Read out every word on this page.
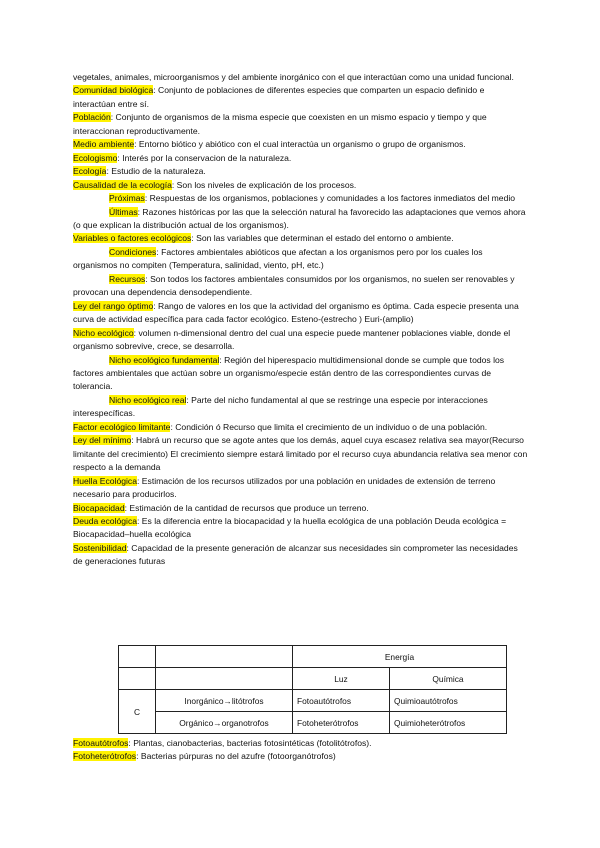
vegetales, animales, microorganismos y del ambiente inorgánico con el que interactúan como una unidad funcional.

Comunidad biológica: Conjunto de poblaciones de diferentes especies que comparten un espacio definido e interactúan entre sí.

Población: Conjunto de organismos de la misma especie que coexisten en un mismo espacio y tiempo y que interaccionan reproductivamente.

Medio ambiente: Entorno biótico y abiótico con el cual interactúa un organismo o grupo de organismos.

Ecologismo: Interés por la conservacion de la naturaleza.

Ecología: Estudio de la naturaleza.

Causalidad de la ecología: Son los niveles de explicación de los procesos.

Próximas: Respuestas de los organismos, poblaciones y comunidades a los factores inmediatos del medio

Últimas: Razones históricas por las que la selección natural ha favorecido las adaptaciones que vemos ahora (o que explican la distribución actual de los organismos).

Variables o factores ecológicos: Son las variables que determinan el estado del entorno o ambiente.

Condiciones: Factores ambientales abióticos que afectan a los organismos pero por los cuales los organismos no compiten (Temperatura, salinidad, viento, pH, etc.)

Recursos: Son todos los factores ambientales consumidos por los organismos, no suelen ser renovables y provocan una dependencia densodependiente.

Ley del rango óptimo: Rango de valores en los que la actividad del organismo es óptima. Cada especie presenta una curva de actividad específica para cada factor ecológico. Esteno-(estrecho ) Euri-(amplio)

Nicho ecológico: volumen n-dimensional dentro del cual una especie puede mantener poblaciones viable, donde el organismo sobrevive, crece, se desarrolla.

Nicho ecológico fundamental: Región del hiperespacio multidimensional donde se cumple que todos los factores ambientales que actúan sobre un organismo/especie están dentro de las correspondientes curvas de tolerancia.

Nicho ecológico real: Parte del nicho fundamental al que se restringe una especie por interacciones interespecíficas.

Factor ecológico limitante: Condición ó Recurso que limita el crecimiento de un individuo o de una población.

Ley del mínimo: Habrá un recurso que se agote antes que los demás, aquel cuya escasez relativa sea mayor(Recurso limitante del crecimiento) El crecimiento siempre estará limitado por el recurso cuya abundancia relativa sea menor con respecto a la demanda

Huella Ecológica: Estimación de los recursos utilizados por una población en unidades de extensión de terreno necesario para producirlos.

Biocapacidad: Estimación de la cantidad de recursos que produce un terreno.

Deuda ecológica: Es la diferencia entre la biocapacidad y la huella ecológica de una población Deuda ecológica = Biocapacidad–huella ecológica

Sostenibilidad: Capacidad de la presente generación de alcanzar sus necesidades sin comprometer las necesidades de generaciones futuras

		Energía	
		Luz	Química
C	Inorgánico→litótrofos	Fotoautótrofos	Quimioautótrofos
	Orgánico→organotrofos	Fotoheterótrofos	Quimioheterótrofos

Fotoautótrofos: Plantas, cianobacterias, bacterias fotosintéticas (fotolitótrofos).

Fotoheterótrofos: Bacterias púrpuras no del azufre (fotoorganótrofos)
